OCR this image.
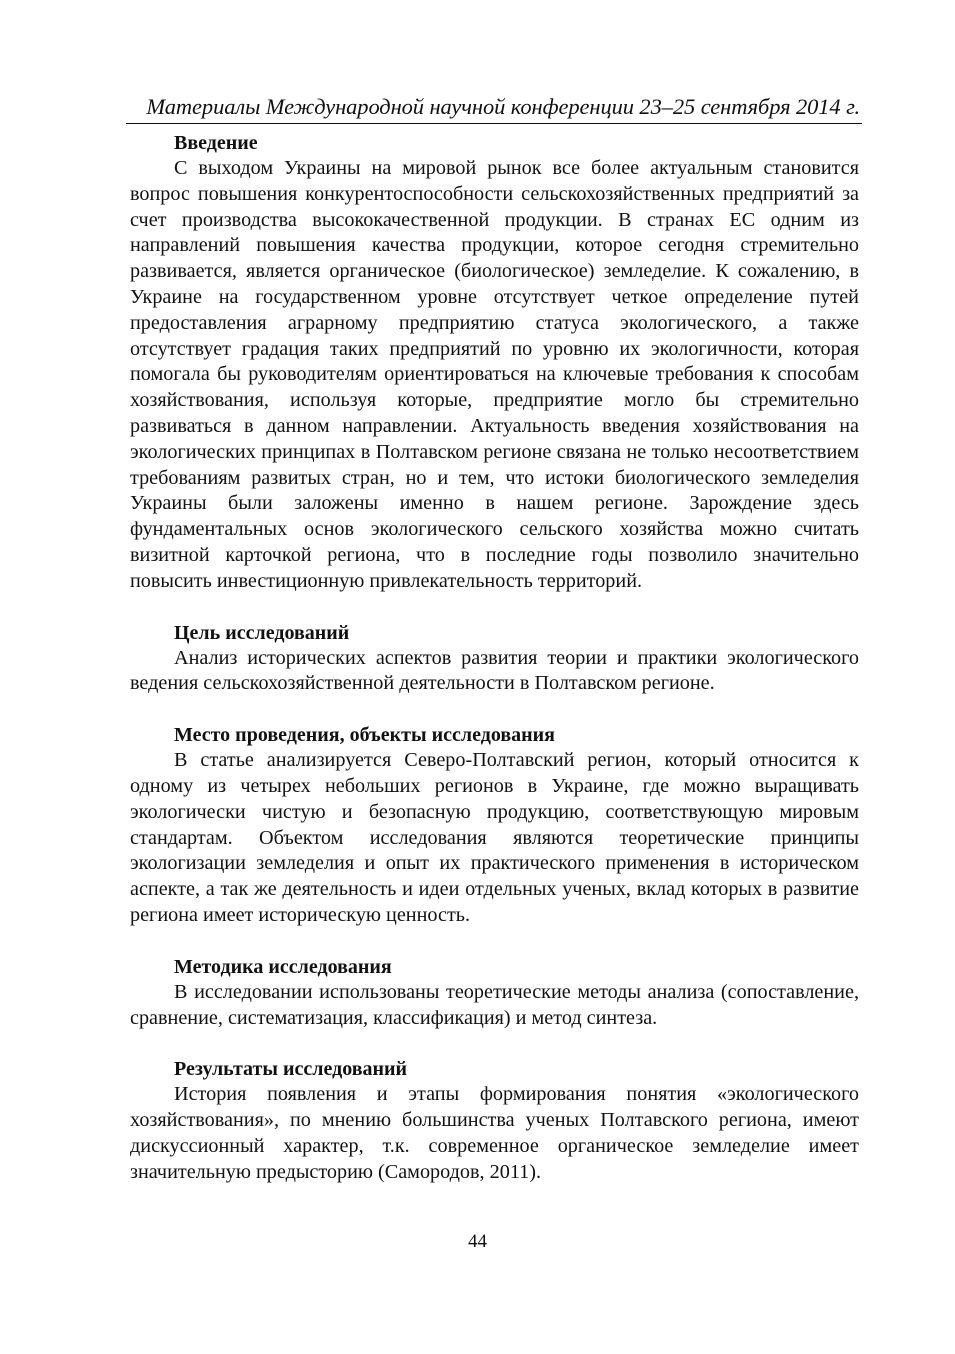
Материалы Международной научной конференции 23–25 сентября 2014 г.
Введение

С выходом Украины на мировой рынок все более актуальным становится вопрос повышения конкурентоспособности сельскохозяйственных предприятий за счет производства высококачественной продукции. В странах ЕС одним из направлений повышения качества продукции, которое сегодня стремительно развивается, является органическое (биологическое) земледелие. К сожалению, в Украине на государственном уровне отсутствует четкое определение путей предоставления аграрному предприятию статуса экологического, а также отсутствует градация таких предприятий по уровню их экологичности, которая помогала бы руководителям ориентироваться на ключевые требования к способам хозяйствования, используя которые, предприятие могло бы стремительно развиваться в данном направлении. Актуальность введения хозяйствования на экологических принципах в Полтавском регионе связана не только несоответствием требованиям развитых стран, но и тем, что истоки биологического земледелия Украины были заложены именно в нашем регионе. Зарождение здесь фундаментальных основ экологического сельского хозяйства можно считать визитной карточкой региона, что в последние годы позволило значительно повысить инвестиционную привлекательность территорий.

Цель исследований

Анализ исторических аспектов развития теории и практики экологического ведения сельскохозяйственной деятельности в Полтавском регионе.

Место проведения, объекты исследования

В статье анализируется Северо-Полтавский регион, который относится к одному из четырех небольших регионов в Украине, где можно выращивать экологически чистую и безопасную продукцию, соответствующую мировым стандартам. Объектом исследования являются теоретические принципы экологизации земледелия и опыт их практического применения в историческом аспекте, а так же деятельность и идеи отдельных ученых, вклад которых в развитие региона имеет историческую ценность.

Методика исследования

В исследовании использованы теоретические методы анализа (сопоставление, сравнение, систематизация, классификация) и метод синтеза.

Результаты исследований

История появления и этапы формирования понятия «экологического хозяйствования», по мнению большинства ученых Полтавского региона, имеют дискуссионный характер, т.к. современное органическое земледелие имеет значительную предысторию (Самородов, 2011).

44
